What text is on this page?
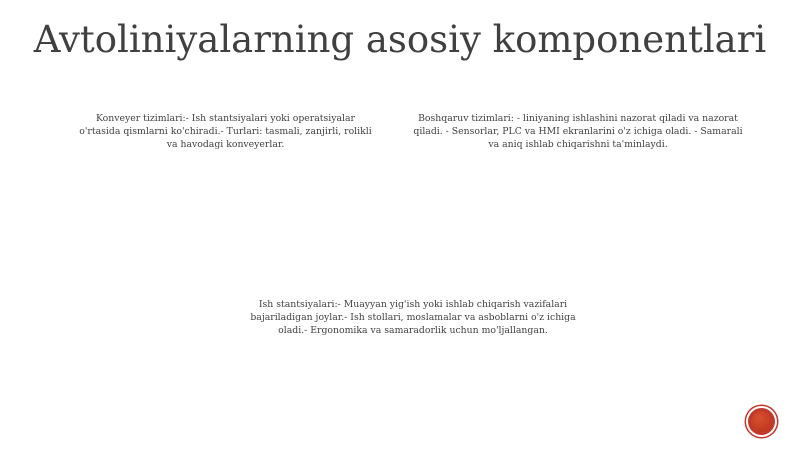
Avtoliniyalarning asosiy komponentlari
Konveyer tizimlari:- Ish stantsiyalari yoki operatsiyalar o'rtasida qismlarni ko'chiradi.- Turlari: tasmali, zanjirli, rolikli va havodagi konveyerlar.
Boshqaruv tizimlari: - liniyaning ishlashini nazorat qiladi va nazorat qiladi. - Sensorlar, PLC va HMI ekranlarini o'z ichiga oladi. - Samarali va aniq ishlab chiqarishni ta'minlaydi.
Ish stantsiyalari:- Muayyan yig'ish yoki ishlab chiqarish vazifalari bajariladigan joylar.- Ish stollari, moslamalar va asboblarni o'z ichiga oladi.- Ergonomika va samaradorlik uchun mo'ljallangan.
